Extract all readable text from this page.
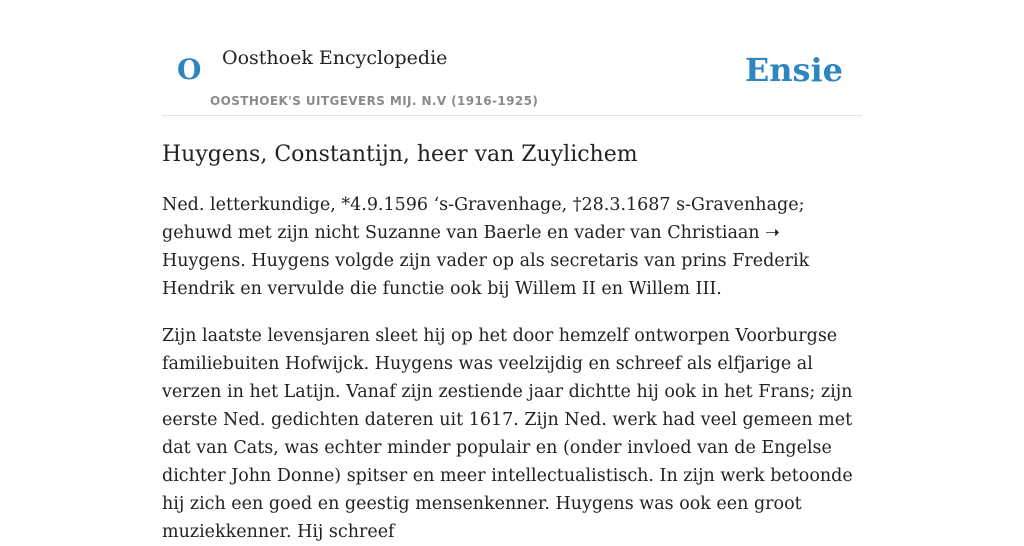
O Oosthoek Encyclopedie
OOSTHOEK'S UITGEVERS MIJ. N.V (1916-1925)
Ensie
Huygens, Constantijn, heer van Zuylichem

Ned. letterkundige, *4.9.1596 ‘s-Gravenhage, †28.3.1687 s-Gravenhage; gehuwd met zijn nicht Suzanne van Baerle en vader van Christiaan ➝ Huygens. Huygens volgde zijn vader op als secretaris van prins Frederik Hendrik en vervulde die functie ook bij Willem II en Willem III.

Zijn laatste levensjaren sleet hij op het door hemzelf ontworpen Voorburgse familiebuiten Hofwijck. Huygens was veelzijdig en schreef als elfjarige al verzen in het Latijn. Vanaf zijn zestiende jaar dichtte hij ook in het Frans; zijn eerste Ned. gedichten dateren uit 1617. Zijn Ned. werk had veel gemeen met dat van Cats, was echter minder populair en (onder invloed van de Engelse dichter John Donne) spitser en meer intellectualistisch. In zijn werk betoonde hij zich een goed en geestig mensenkenner. Huygens was ook een groot muziekkenner. Hij schreef
